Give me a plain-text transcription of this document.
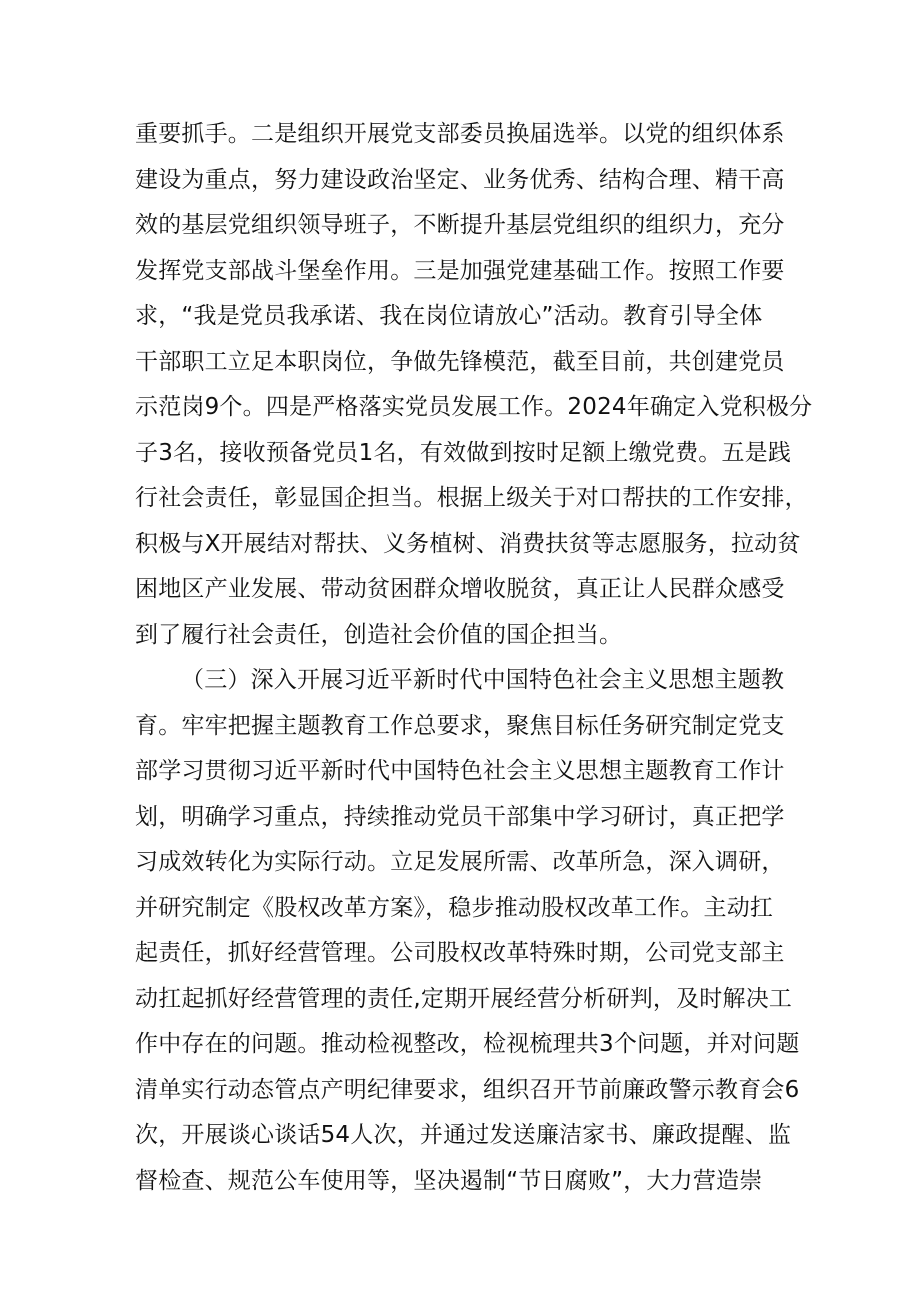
重要抓手。二是组织开展党支部委员换届选举。以党的组织体系
建设为重点，努力建设政治坚定、业务优秀、结构合理、精干高
效的基层党组织领导班子，不断提升基层党组织的组织力，充分
发挥党支部战斗堡垒作用。三是加强党建基础工作。按照工作要
求，“我是党员我承诺、我在岗位请放心”活动。教育引导全体
干部职工立足本职岗位，争做先锋模范，截至目前，共创建党员
示范岗9个。四是严格落实党员发展工作。2024年确定入党积极分
子3名，接收预备党员1名，有效做到按时足额上缴党费。五是践
行社会责任，彰显国企担当。根据上级关于对口帮扶的工作安排，
积极与X开展结对帮扶、义务植树、消费扶贫等志愿服务，拉动贫
困地区产业发展、带动贫困群众增收脱贫，真正让人民群众感受
到了履行社会责任，创造社会价值的国企担当。
（三）深入开展习近平新时代中国特色社会主义思想主题教
育。牢牢把握主题教育工作总要求，聚焦目标任务研究制定党支
部学习贯彻习近平新时代中国特色社会主义思想主题教育工作计
划，明确学习重点，持续推动党员干部集中学习研讨，真正把学
习成效转化为实际行动。立足发展所需、改革所急，深入调研，
并研究制定《股权改革方案》，稳步推动股权改革工作。主动扛
起责任，抓好经营管理。公司股权改革特殊时期，公司党支部主
动扛起抓好经营管理的责任,定期开展经营分析研判，及时解决工
作中存在的问题。推动检视整改，检视梳理共3个问题，并对问题
清单实行动态管点产明纪律要求，组织召开节前廉政警示教育会6
次，开展谈心谈话54人次，并通过发送廉洁家书、廉政提醒、监
督检查、规范公车使用等，坚决遏制“节日腐败”，大力营造崇
